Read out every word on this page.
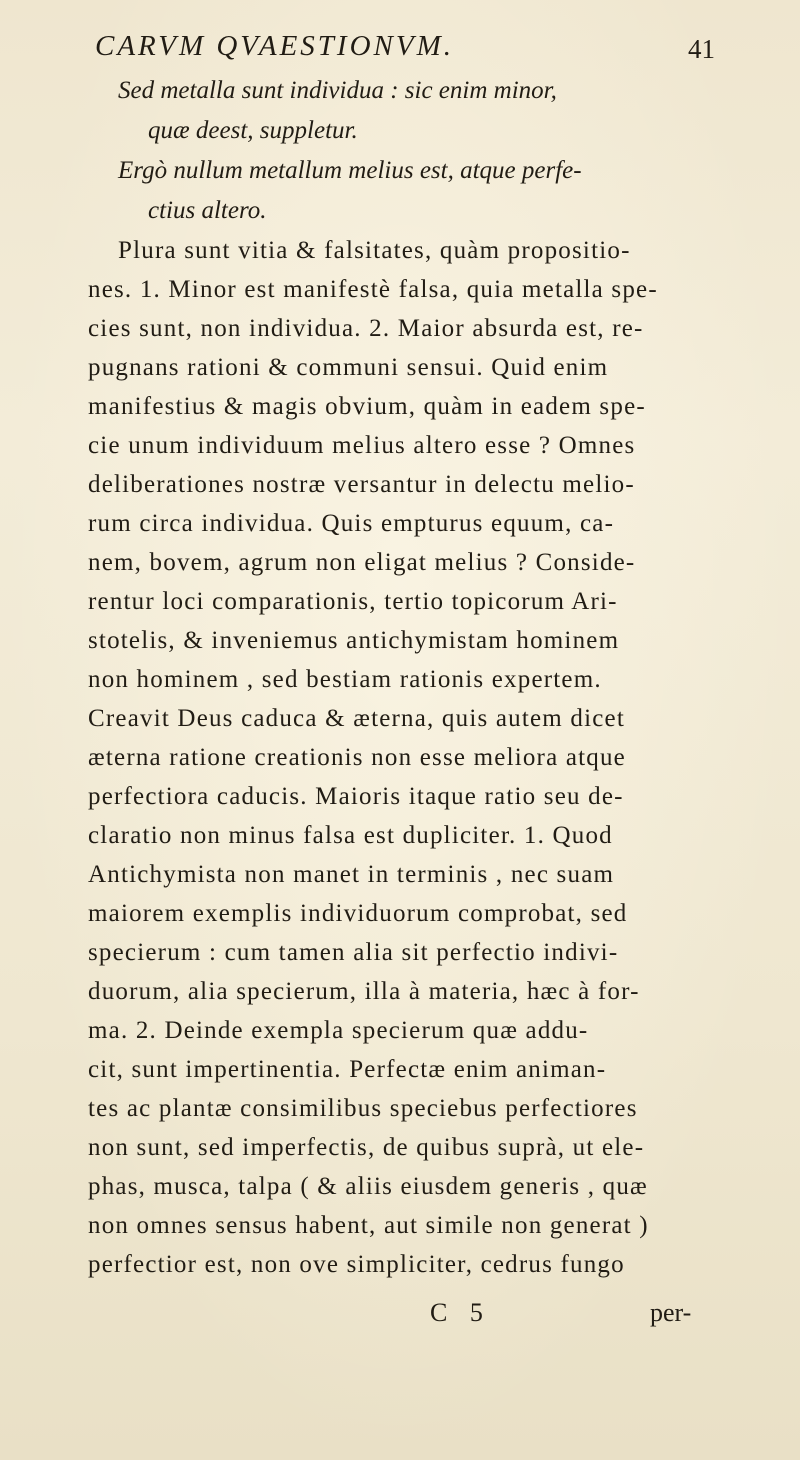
CARVM QVAESTIONVM.	41
Sed metalla sunt individua : sic enim minor,
quæ deest, suppletur.
Ergò nullum metallum melius est, atque perfe-
ctius altero.
Plura sunt vitia & falsitates, quàm propositio-
nes. 1. Minor est manifestè falsa, quia metalla spe-
cies sunt, non individua. 2. Maior absurda est, re-
pugnans rationi & communi sensui. Quid enim
manifestius & magis obvium, quàm in eadem spe-
cie unum individuum melius altero esse ? Omnes
deliberationes nostræ versantur in delectu melio-
rum circa individua. Quis empturus equum, ca-
nem, bovem, agrum non eligat melius ? Conside-
rentur loci comparationis, tertio topicorum Ari-
stotelis, & inveniemus antichymistam hominem
non hominem , sed bestiam rationis expertem.
Creavit Deus caduca & æterna, quis autem dicet
æterna ratione creationis non esse meliora atque
perfectiora caducis. Maioris itaque ratio seu de-
claratio non minus falsa est dupliciter. 1. Quod
Antichymista non manet in terminis , nec suam
maiorem exemplis individuorum comprobat, sed
specierum : cum tamen alia sit perfectio indivi-
duorum, alia specierum, illa à materia, hæc à for-
ma. 2. Deinde exempla specierum quæ addu-
cit, sunt impertinentia. Perfectæ enim animan-
tes ac plantæ consimilibus speciebus perfectiores
non sunt, sed imperfectis, de quibus suprà, ut ele-
phas, musca, talpa ( & aliis eiusdem generis , quæ
non omnes sensus habent, aut simile non generat )
perfectior est, non ove simpliciter, cedrus fungo
C 5	per-
